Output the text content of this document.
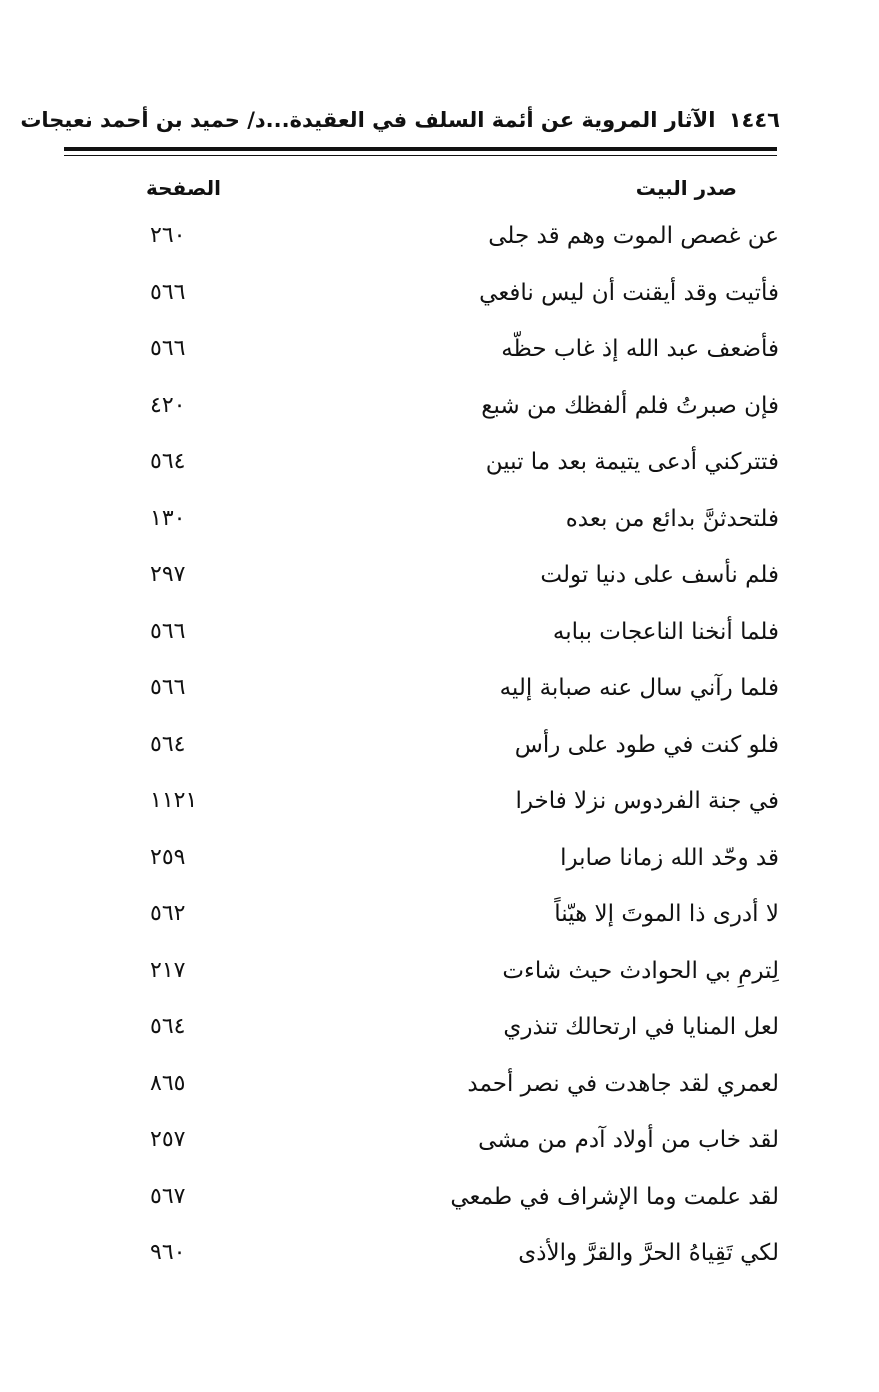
١٤٤٦ الآثار المروية عن أئمة السلف في العقيدة...د/ حميد بن أحمد نعيجات
صدر البيت
الصفحة
عن غصص الموت وهم قد جلى
٢٦٠
فأتيت وقد أيقنت أن ليس نافعي
٥٦٦
فأضعف عبد الله إذ غاب حظّه
٥٦٦
فإن صبرتُ فلم ألفظك من شبع
٤٢٠
فتتركني أدعى يتيمة بعد ما تبين
٥٦٤
فلتحدثنَّ بدائع من بعده
١٣٠
فلم نأسف على دنيا تولت
٢٩٧
فلما أنخنا الناعجات ببابه
٥٦٦
فلما رآني سال عنه صبابة إليه
٥٦٦
فلو كنت في طود على رأس
٥٦٤
في جنة الفردوس نزلا فاخرا
١١٢١
قد وحّد الله زمانا صابرا
٢٥٩
لا أدرى ذا الموتَ إلا هيّناً
٥٦٢
لِترمِ بي الحوادث حيث شاءت
٢١٧
لعل المنايا في ارتحالك تنذري
٥٦٤
لعمري لقد جاهدت في نصر أحمد
٨٦٥
لقد خاب من أولاد آدم من مشى
٢٥٧
لقد علمت وما الإشراف في طمعي
٥٦٧
لكي تَقِياهُ الحرَّ والقرَّ والأذى
٩٦٠
